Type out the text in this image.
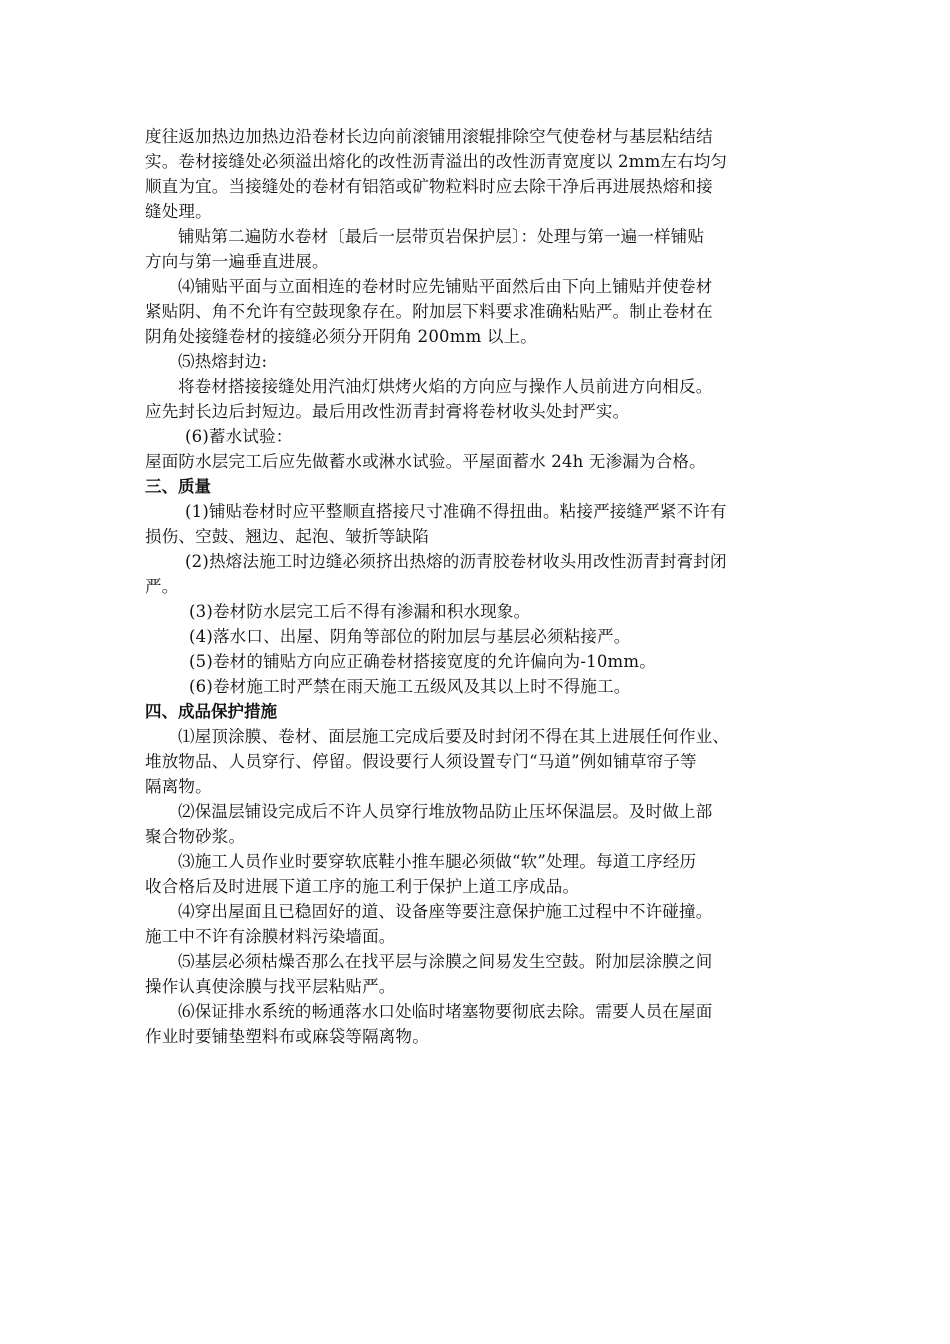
度往返加热边加热边沿卷材长边向前滚铺用滚辊排除空气使卷材与基层粘结结
实。卷材接缝处必须溢出熔化的改性沥青溢出的改性沥青宽度以 2mm左右均匀
顺直为宜。当接缝处的卷材有铝箔或矿物粒料时应去除干净后再进展热熔和接
缝处理。
铺贴第二遍防水卷材〔最后一层带页岩保护层〕：处理与第一遍一样铺贴
方向与第一遍垂直进展。
⑷铺贴平面与立面相连的卷材时应先铺贴平面然后由下向上铺贴并使卷材
紧贴阴、角不允许有空鼓现象存在。附加层下料要求准确粘贴严。制止卷材在
阴角处接缝卷材的接缝必须分开阴角 200mm 以上。
⑸热熔封边:
将卷材搭接接缝处用汽油灯烘烤火焰的方向应与操作人员前进方向相反。
应先封长边后封短边。最后用改性沥青封膏将卷材收头处封严实。
(6)蓄水试验：
屋面防水层完工后应先做蓄水或淋水试验。平屋面蓄水 24h 无渗漏为合格。
三、质量
(1)铺贴卷材时应平整顺直搭接尺寸准确不得扭曲。粘接严接缝严紧不许有
损伤、空鼓、翘边、起泡、皱折等缺陷
(2)热熔法施工时边缝必须挤出热熔的沥青胶卷材收头用改性沥青封膏封闭
严。
(3)卷材防水层完工后不得有渗漏和积水现象。
(4)落水口、出屋、阴角等部位的附加层与基层必须粘接严。
(5)卷材的铺贴方向应正确卷材搭接宽度的允许偏向为-10mm。
(6)卷材施工时严禁在雨天施工五级风及其以上时不得施工。
四、成品保护措施
⑴屋顶涂膜、卷材、面层施工完成后要及时封闭不得在其上进展任何作业、
堆放物品、人员穿行、停留。假设要行人须设置专门“马道”例如铺草帘子等
隔离物。
⑵保温层铺设完成后不许人员穿行堆放物品防止压坏保温层。及时做上部
聚合物砂浆。
⑶施工人员作业时要穿软底鞋小推车腿必须做“软”处理。每道工序经历
收合格后及时进展下道工序的施工利于保护上道工序成品。
⑷穿出屋面且已稳固好的道、设备座等要注意保护施工过程中不许碰撞。
施工中不许有涂膜材料污染墙面。
⑸基层必须枯燥否那么在找平层与涂膜之间易发生空鼓。附加层涂膜之间
操作认真使涂膜与找平层粘贴严。
⑹保证排水系统的畅通落水口处临时堵塞物要彻底去除。需要人员在屋面
作业时要铺垫塑料布或麻袋等隔离物。
